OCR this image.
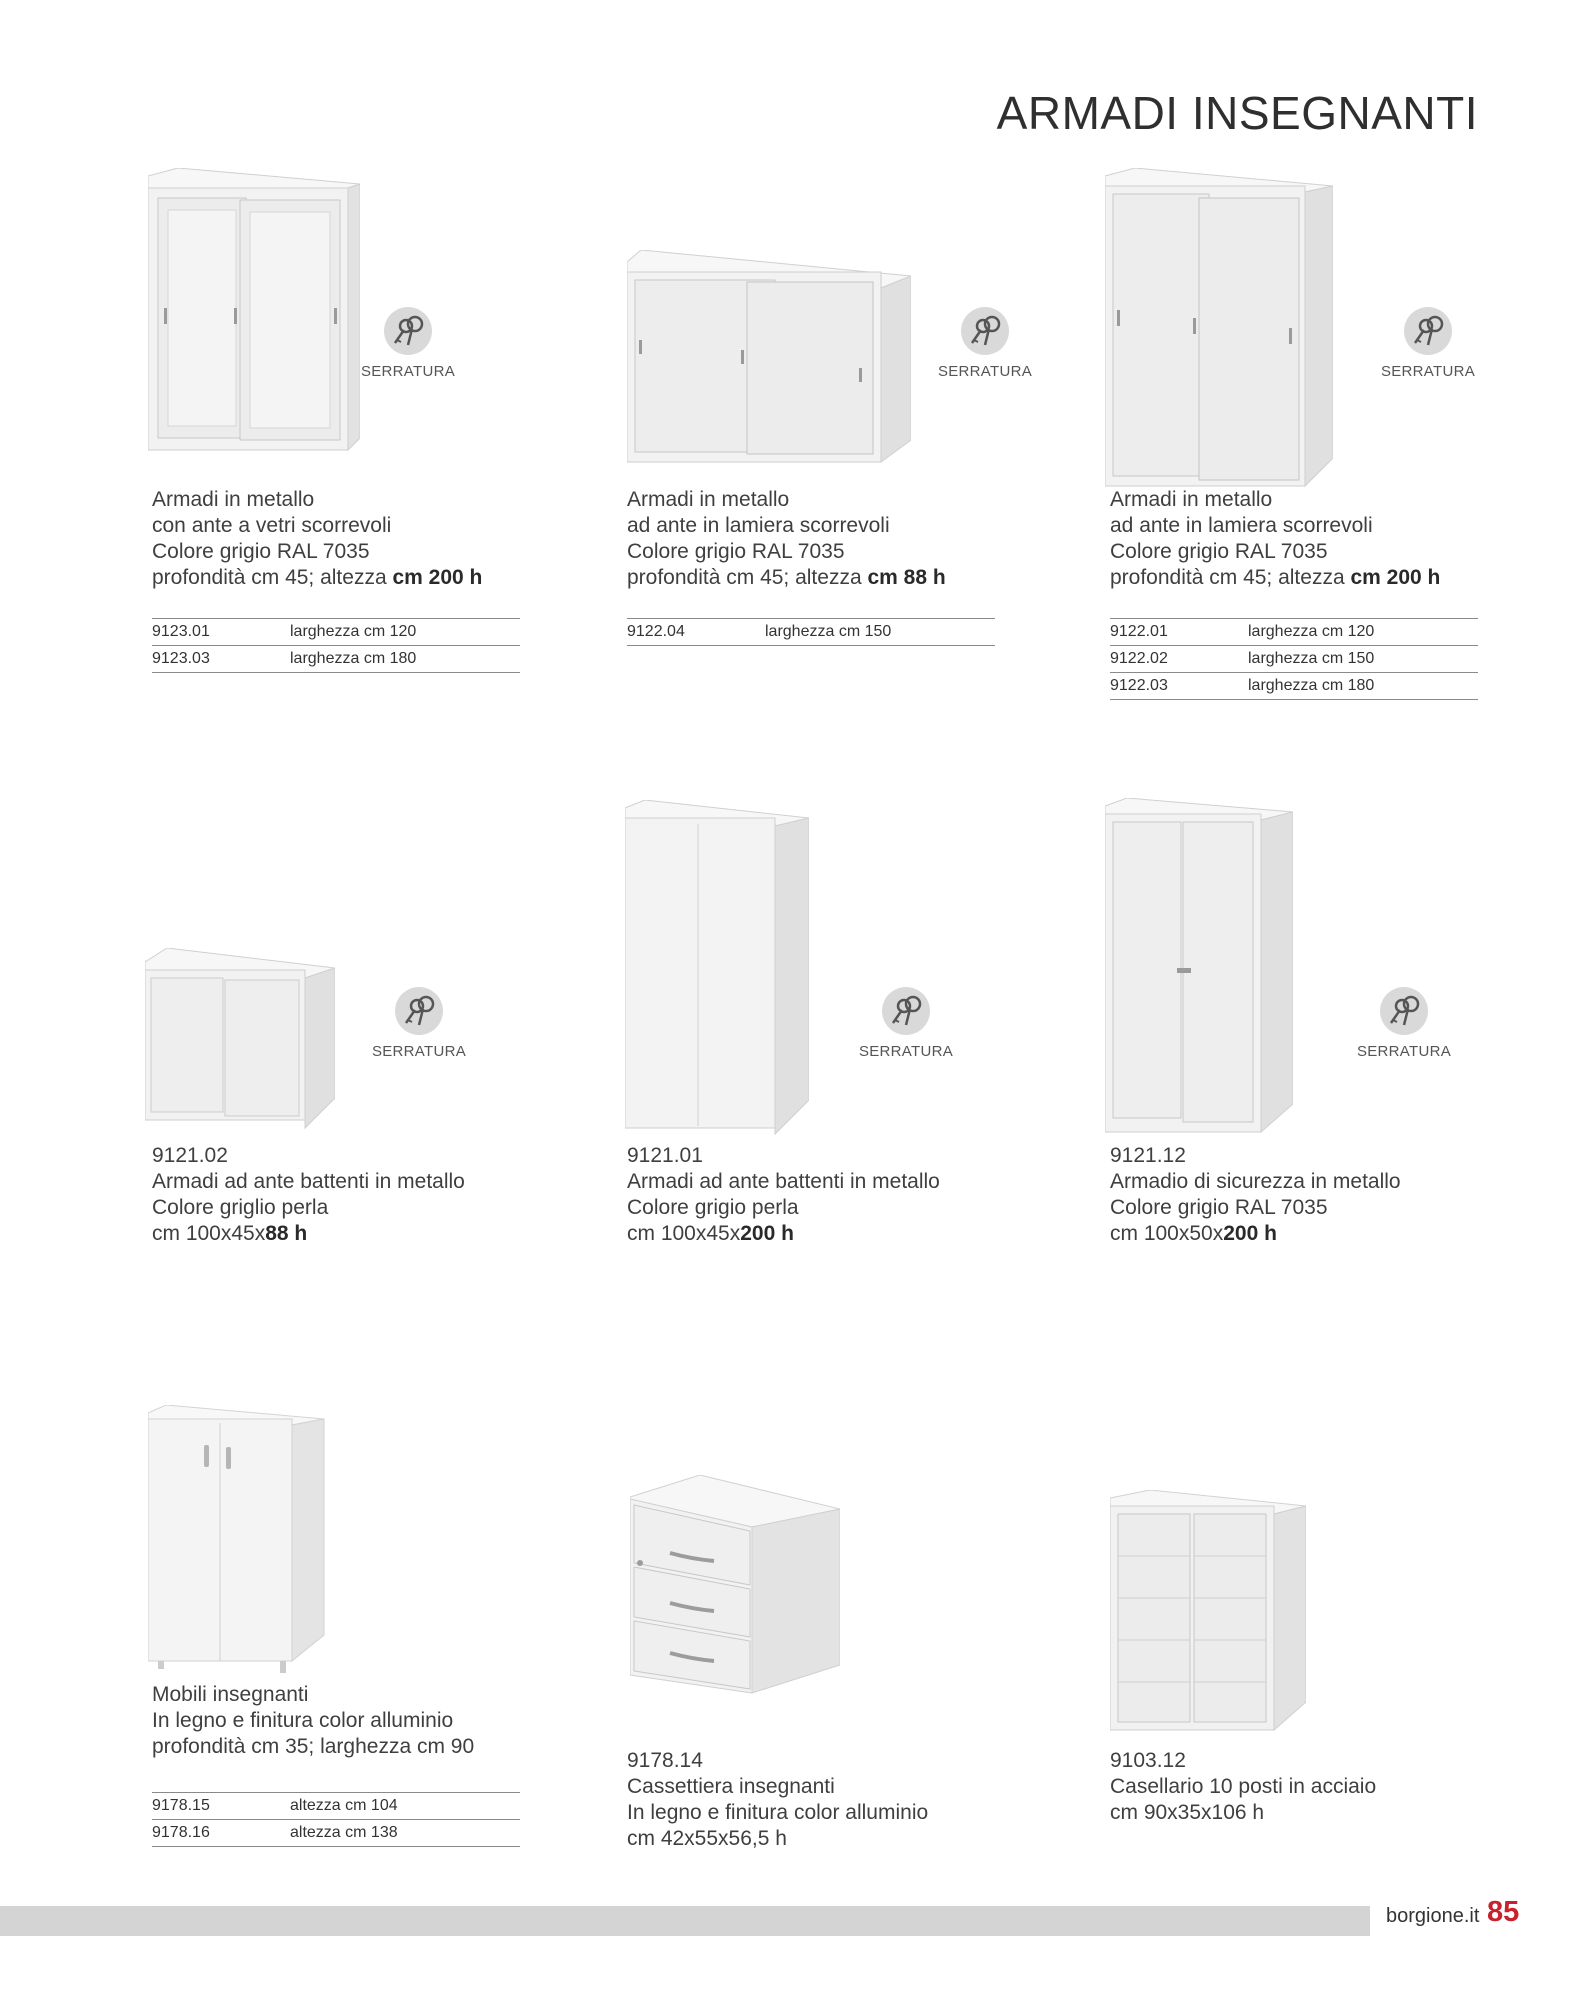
ARMADI INSEGNANTI
SERRATURA
Armadi in metallo
con ante a vetri scorrevoli
Colore grigio RAL 7035
profondità cm 45; altezza cm 200 h
9123.01	larghezza cm 120
9123.03	larghezza cm 180
SERRATURA
Armadi in metallo
ad ante in lamiera scorrevoli
Colore grigio RAL 7035
profondità cm 45; altezza cm 88 h
9122.04	larghezza cm 150
SERRATURA
Armadi in metallo
ad ante in lamiera scorrevoli
Colore grigio RAL 7035
profondità cm 45; altezza cm 200 h
9122.01	larghezza cm 120
9122.02	larghezza cm 150
9122.03	larghezza cm 180
SERRATURA
9121.02
Armadi ad ante battenti in metallo
Colore griglio perla
cm 100x45x88 h
SERRATURA
9121.01
Armadi ad ante battenti in metallo
Colore grigio perla
cm 100x45x200 h
SERRATURA
9121.12
Armadio di sicurezza in metallo
Colore grigio RAL 7035
cm 100x50x200 h
Mobili insegnanti
In legno e finitura color alluminio
profondità cm 35; larghezza cm 90
9178.15	altezza cm 104
9178.16	altezza cm 138
9178.14
Cassettiera insegnanti
In legno e finitura color alluminio
cm 42x55x56,5 h
9103.12
Casellario 10 posti in acciaio
cm 90x35x106 h
borgione.it 85
